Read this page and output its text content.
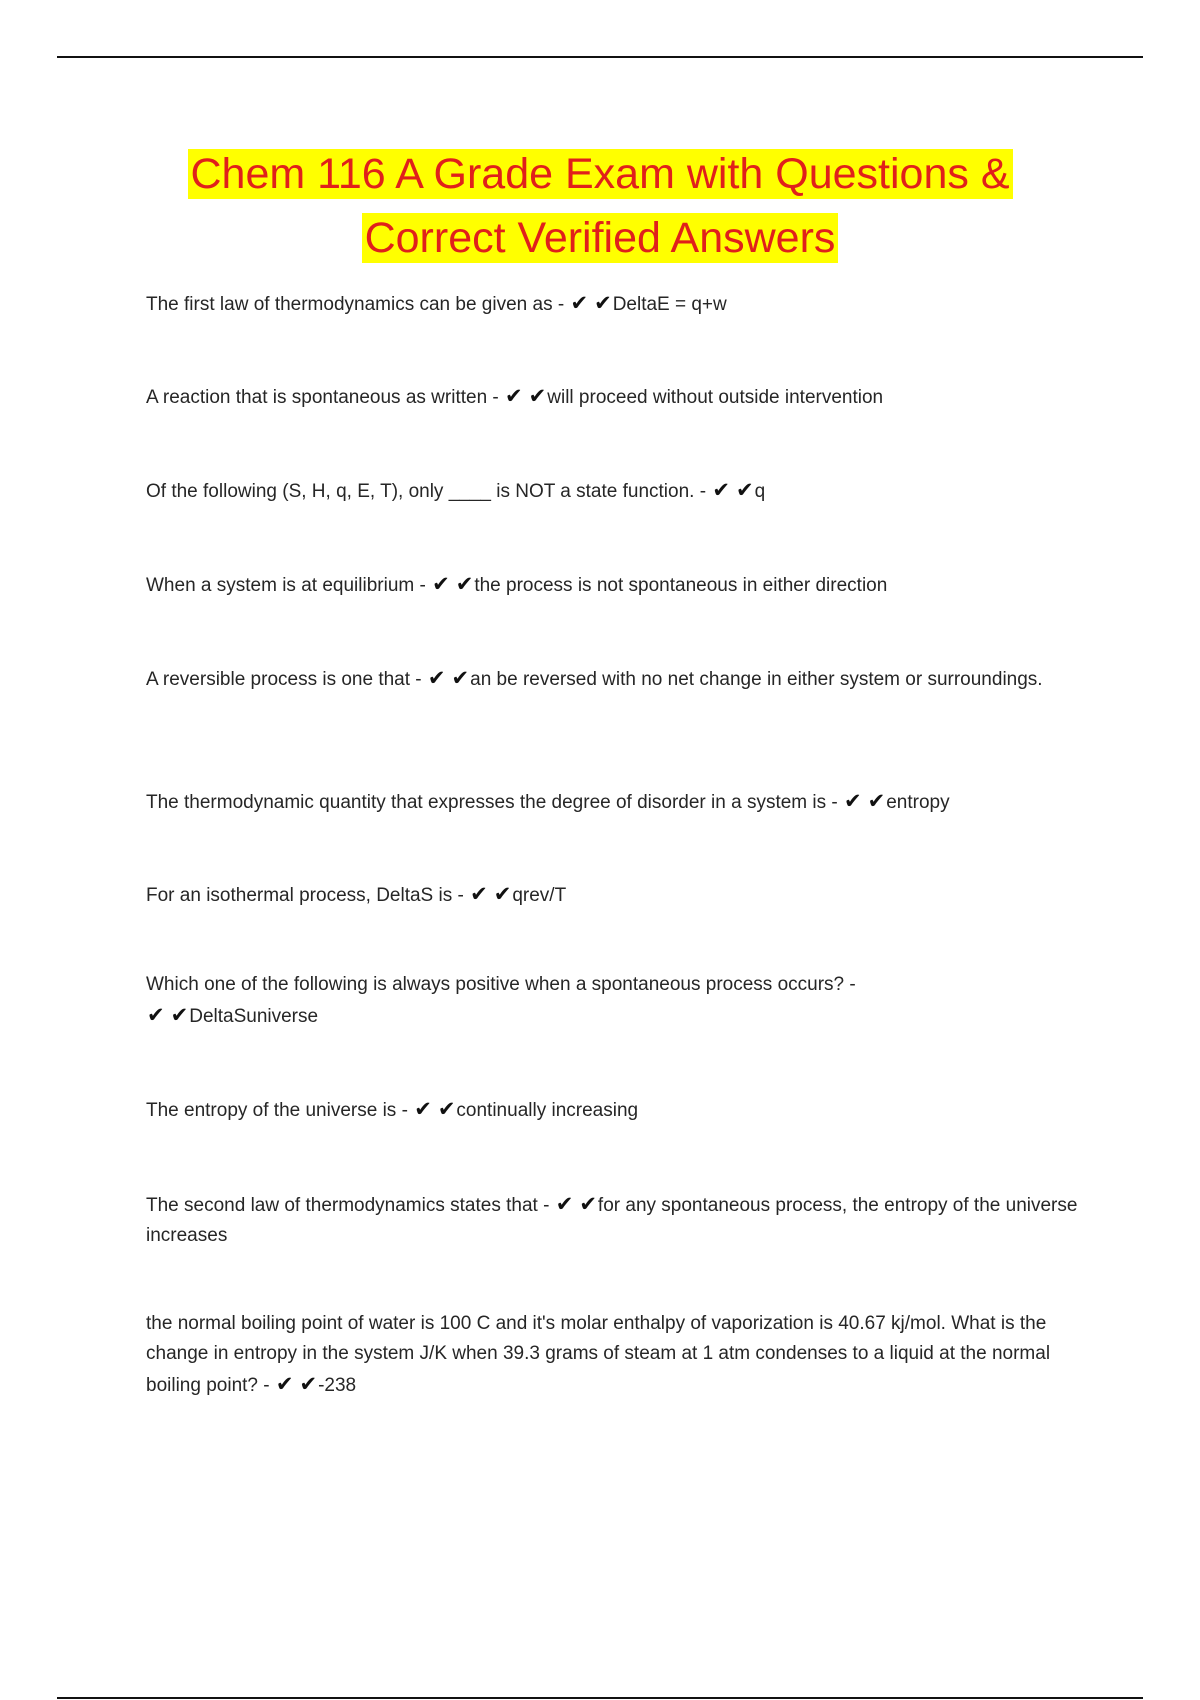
Chem 116 A Grade Exam with Questions &
Correct Verified Answers
The first law of thermodynamics can be given as - ✔ ✔DeltaE = q+w
A reaction that is spontaneous as written - ✔ ✔will proceed without outside intervention
Of the following (S, H, q, E, T), only ____ is NOT a state function. - ✔ ✔q
When a system is at equilibrium - ✔ ✔the process is not spontaneous in either direction
A reversible process is one that - ✔ ✔an be reversed with no net change in either system or surroundings.
The thermodynamic quantity that expresses the degree of disorder in a system is - ✔ ✔entropy
For an isothermal process, DeltaS is - ✔ ✔qrev/T
Which one of the following is always positive when a spontaneous process occurs? -
✔ ✔DeltaSuniverse
The entropy of the universe is - ✔ ✔continually increasing
The second law of thermodynamics states that - ✔ ✔for any spontaneous process, the entropy of the universe increases
the normal boiling point of water is 100 C and it's molar enthalpy of vaporization is 40.67 kj/mol. What is the change in entropy in the system J/K when 39.3 grams of steam at 1 atm condenses to a liquid at the normal boiling point? - ✔ ✔-238
